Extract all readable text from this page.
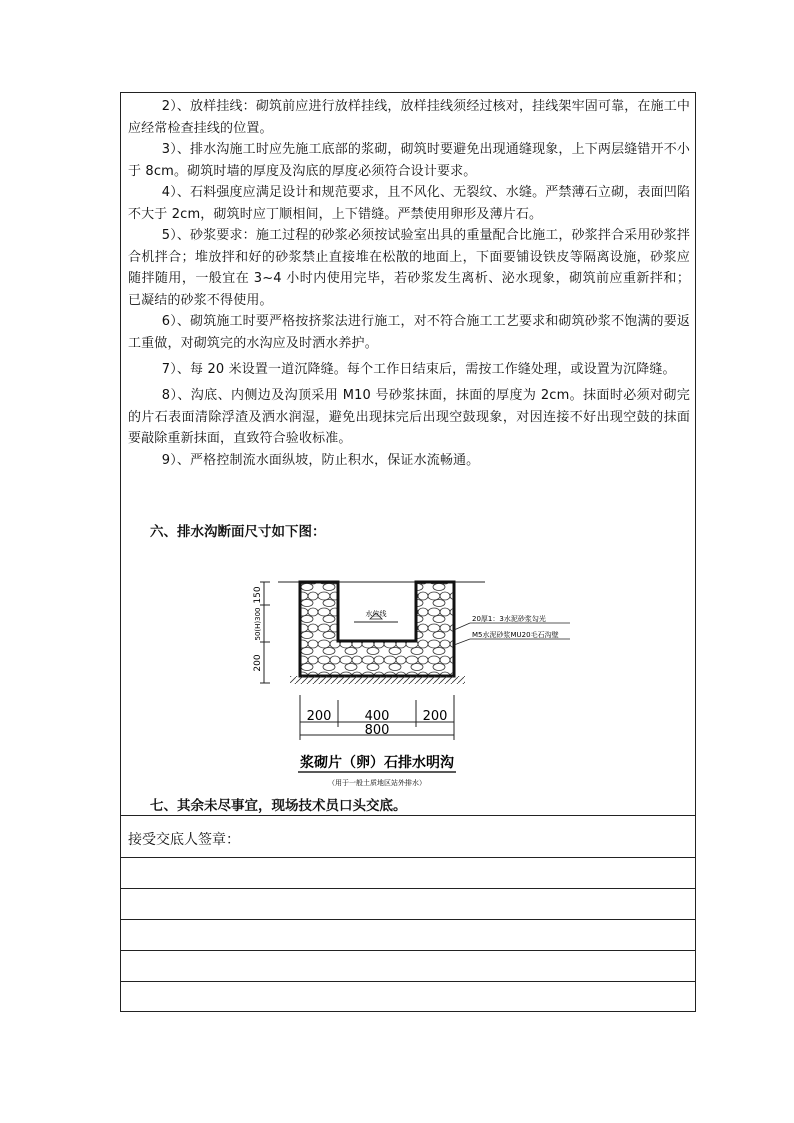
2）、放样挂线：砌筑前应进行放样挂线，放样挂线须经过核对，挂线架牢固可靠，在施工中应经常检查挂线的位置。

3）、排水沟施工时应先施工底部的浆砌，砌筑时要避免出现通缝现象，上下两层缝错开不小于 8cm。砌筑时墙的厚度及沟底的厚度必须符合设计要求。

4）、石料强度应满足设计和规范要求，且不风化、无裂纹、水缝。严禁薄石立砌，表面凹陷不大于 2cm，砌筑时应丁顺相间，上下错缝。严禁使用卵形及薄片石。

5）、砂浆要求：施工过程的砂浆必须按试验室出具的重量配合比施工，砂浆拌合采用砂浆拌合机拌合；堆放拌和好的砂浆禁止直接堆在松散的地面上，下面要铺设铁皮等隔离设施，砂浆应随拌随用，一般宜在 3~4 小时内使用完毕，若砂浆发生离析、泌水现象，砌筑前应重新拌和；已凝结的砂浆不得使用。

6）、砌筑施工时要严格按挤浆法进行施工，对不符合施工工艺要求和砌筑砂浆不饱满的要返工重做，对砌筑完的水沟应及时洒水养护。

7）、每 20 米设置一道沉降缝。每个工作日结束后，需按工作缝处理，或设置为沉降缝。

8）、沟底、内侧边及沟顶采用 M10 号砂浆抹面，抹面的厚度为 2cm。抹面时必须对砌完的片石表面清除浮渣及洒水润湿，避免出现抹完后出现空鼓现象，对因连接不好出现空鼓的抹面要敲除重新抹面，直致符合验收标准。

9）、严格控制流水面纵坡，防止积水，保证水流畅通。

六、排水沟断面尺寸如下图：
水位线
150
50(H)300
200
20厚1：3水泥砂浆勾光
M5水泥砂浆MU20毛石沟壁
200	400	200
800
浆砌片（卵）石排水明沟
（用于一般土质地区站外排水）
七、其余未尽事宜，现场技术员口头交底。
接受交底人签章：
